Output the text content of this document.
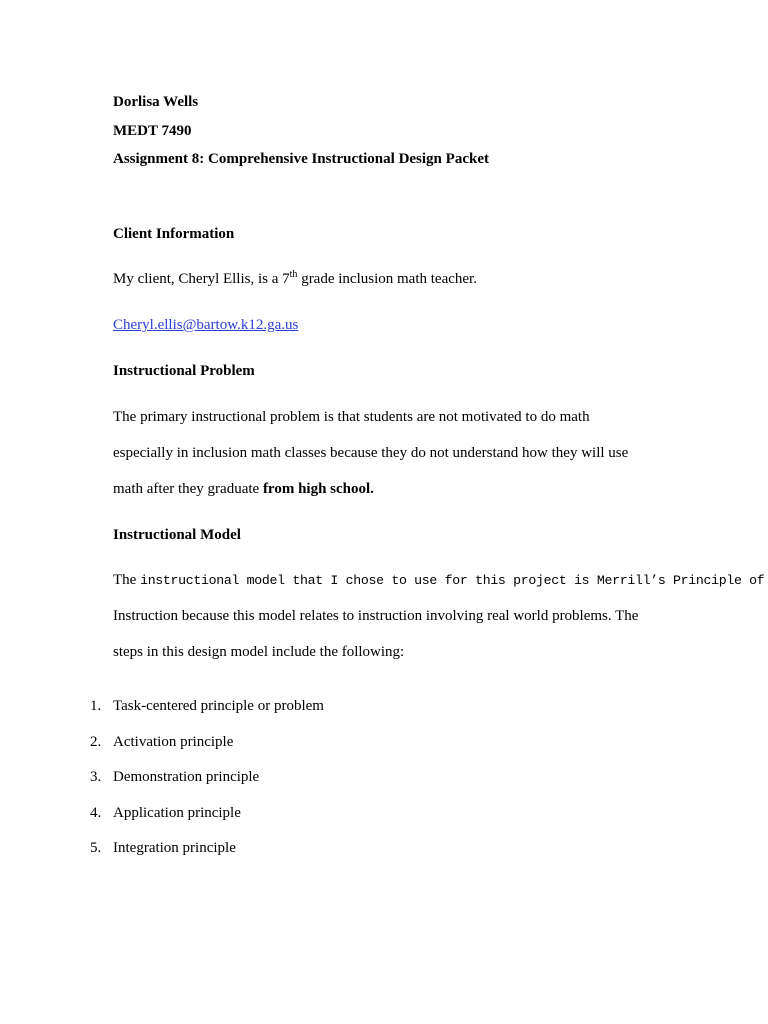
Dorlisa Wells
MEDT 7490
Assignment 8: Comprehensive Instructional Design Packet
Client Information
My client, Cheryl Ellis, is a 7th grade inclusion math teacher.
Cheryl.ellis@bartow.k12.ga.us
Instructional Problem
The primary instructional problem is that students are not motivated to do math
especially in inclusion math classes because they do not understand how they will use
math after they graduate from high school.
Instructional Model
The instructional model that I chose to use for this project is Merrill’s Principle of
Instruction because this model relates to instruction involving real world problems. The
steps in this design model include the following:
1. Task-centered principle or problem
2. Activation principle
3. Demonstration principle
4. Application principle
5. Integration principle
